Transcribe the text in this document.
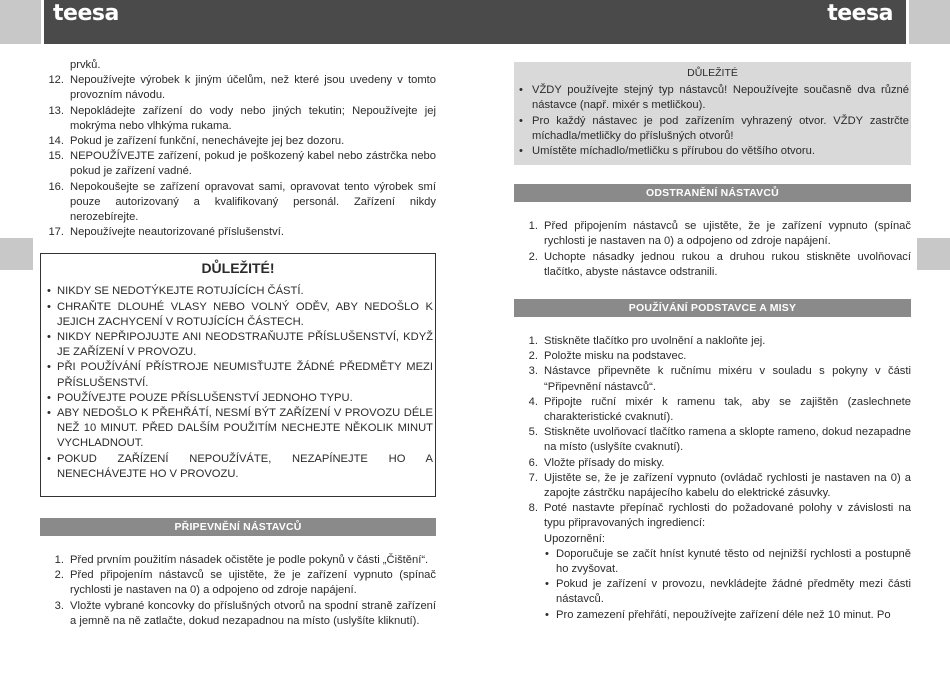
teesa	teesa
prvků.
12. Nepoužívejte výrobek k jiným účelům, než které jsou uvedeny v tomto provozním návodu.
13. Nepokládejte zařízení do vody nebo jiných tekutin; Nepoužívejte jej mokrýma nebo vlhkýma rukama.
14. Pokud je zařízení funkční, nenechávejte jej bez dozoru.
15. NEPOUŽÍVEJTE zařízení, pokud je poškozený kabel nebo zástrčka nebo pokud je zařízení vadné.
16. Nepokoušejte se zařízení opravovat sami, opravovat tento výrobek smí pouze autorizovaný a kvalifikovaný personál. Zařízení nikdy nerozebírejte.
17. Nepoužívejte neautorizované příslušenství.
DŮLEŽITÉ!
• NIKDY SE NEDOTÝKEJTE ROTUJÍCÍCH ČÁSTÍ.
• CHRAŇTE DLOUHÉ VLASY NEBO VOLNÝ ODĚV, ABY NEDOŠLO K JEJICH ZACHYCENÍ V ROTUJÍCÍCH ČÁSTECH.
• NIKDY NEPŘIPOJUJTE ANI NEODSTRAŇUJTE PŘÍSLUŠENSTVÍ, KDYŽ JE ZAŘÍZENÍ V PROVOZU.
• PŘI POUŽÍVÁNÍ PŘÍSTROJE NEUMISŤUJTE ŽÁDNÉ PŘEDMĚTY MEZI PŘÍSLUŠENSTVÍ.
• POUŽÍVEJTE POUZE PŘÍSLUŠENSTVÍ JEDNOHO TYPU.
• ABY NEDOŠLO K PŘEHŘÁTÍ, NESMÍ BÝT ZAŘÍZENÍ V PROVOZU DÉLE NEŽ 10 MINUT. PŘED DALŠÍM POUŽITÍM NECHEJTE NĚKOLIK MINUT VYCHLADNOUT.
• POKUD ZAŘÍZENÍ NEPOUŽÍVÁTE, NEZAPÍNEJTE HO A NENECHÁVEJTE HO V PROVOZU.
PŘIPEVNĚNÍ NÁSTAVCŮ
1. Před prvním použitím násadek očistěte je podle pokynů v části „Čištění“.
2. Před připojením nástavců se ujistěte, že je zařízení vypnuto (spínač rychlosti je nastaven na 0) a odpojeno od zdroje napájení.
3. Vložte vybrané koncovky do příslušných otvorů na spodní straně zařízení a jemně na ně zatlačte, dokud nezapadnou na místo (uslyšíte kliknutí).
DŮLEŽITÉ
• VŽDY používejte stejný typ nástavců! Nepoužívejte současně dva různé nástavce (např. mixér s metličkou).
• Pro každý nástavec je pod zařízením vyhrazený otvor. VŽDY zastrčte míchadla/metličky do příslušných otvorů!
• Umístěte míchadlo/metličku s přírubou do většího otvoru.
ODSTRANĚNÍ NÁSTAVCŮ
1. Před připojením nástavců se ujistěte, že je zařízení vypnuto (spínač rychlosti je nastaven na 0) a odpojeno od zdroje napájení.
2. Uchopte násadky jednou rukou a druhou rukou stiskněte uvolňovací tlačítko, abyste nástavce odstranili.
POUŽÍVÁNÍ PODSTAVCE A MISY
1. Stiskněte tlačítko pro uvolnění a nakloňte jej.
2. Položte misku na podstavec.
3. Nástavce připevněte k ručnímu mixéru v souladu s pokyny v části “Připevnění nástavců“.
4. Připojte ruční mixér k ramenu tak, aby se zajištěn (zaslechnete charakteristické cvaknutí).
5. Stiskněte uvolňovací tlačítko ramena a sklopte rameno, dokud nezapadne na místo (uslyšíte cvaknutí).
6. Vložte přísady do misky.
7. Ujistěte se, že je zařízení vypnuto (ovládač rychlosti je nastaven na 0) a zapojte zástrčku napájecího kabelu do elektrické zásuvky.
8. Poté nastavte přepínač rychlosti do požadované polohy v závislosti na typu připravovaných ingrediencí:
Upozornění:
• Doporučuje se začít hníst kynuté těsto od nejnižší rychlosti a postupně ho zvyšovat.
• Pokud je zařízení v provozu, nevkládejte žádné předměty mezi části nástavců.
• Pro zamezení přehřátí, nepoužívejte zařízení déle než 10 minut. Po
